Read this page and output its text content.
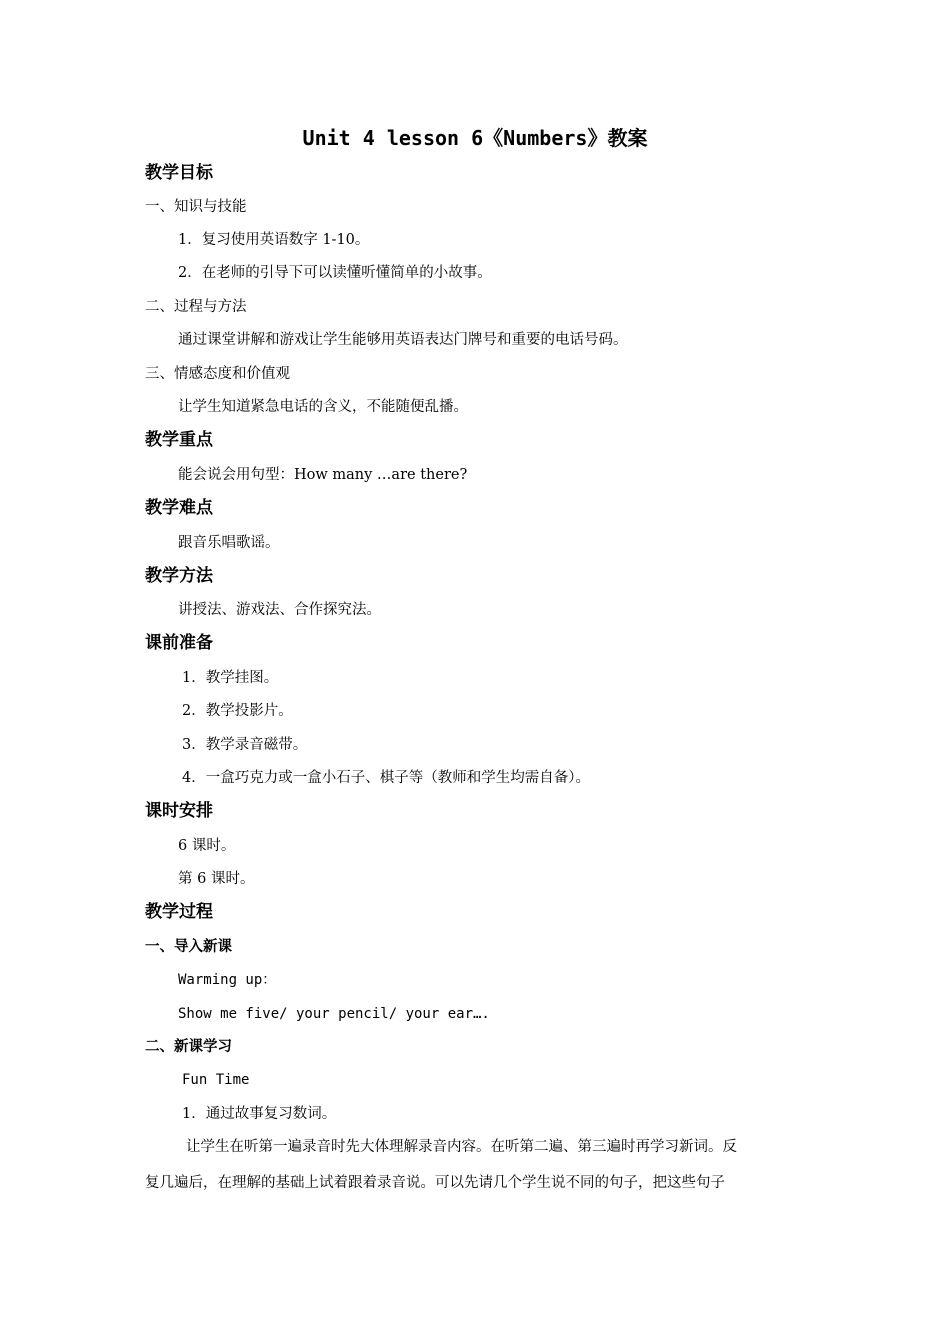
Unit 4 lesson 6《Numbers》教案
教学目标
一、知识与技能
1．复习使用英语数字 1-10。
2．在老师的引导下可以读懂听懂简单的小故事。
二、过程与方法
通过课堂讲解和游戏让学生能够用英语表达门牌号和重要的电话号码。
三、情感态度和价值观
让学生知道紧急电话的含义，不能随便乱播。
教学重点
能会说会用句型：How many …are there?
教学难点
跟音乐唱歌谣。
教学方法
讲授法、游戏法、合作探究法。
课前准备
1．教学挂图。
2．教学投影片。
3．教学录音磁带。
4．一盒巧克力或一盒小石子、棋子等（教师和学生均需自备）。
课时安排
6 课时。
第 6 课时。
教学过程
一、导入新课
Warming up：
Show me five/ your pencil/ your ear….
二、新课学习
Fun Time
1．通过故事复习数词。
让学生在听第一遍录音时先大体理解录音内容。在听第二遍、第三遍时再学习新词。反
复几遍后，在理解的基础上试着跟着录音说。可以先请几个学生说不同的句子，把这些句子
